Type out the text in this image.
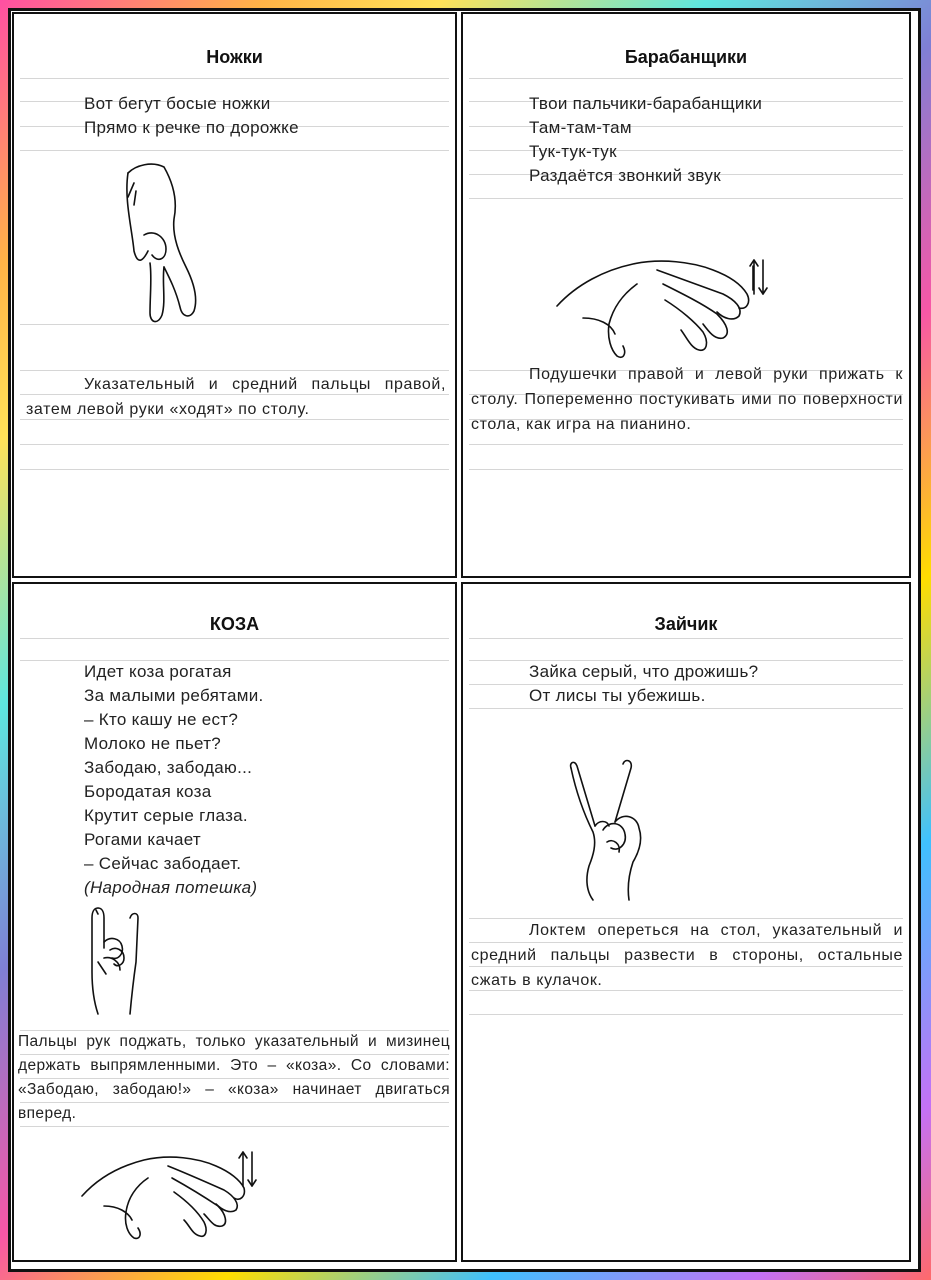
Ножки
Вот бегут босые ножки
Прямо к речке по дорожке
Указательный и средний пальцы правой, затем левой руки «ходят» по столу.
Барабанщики
Твои пальчики-барабанщики
Там-там-там
Тук-тук-тук
Раздаётся звонкий звук
Подушечки правой и левой руки прижать к столу. Попеременно постукивать ими по поверхности стола, как игра на пианино.
КОЗА
Идет коза рогатая
За малыми ребятами.
– Кто кашу не ест?
Молоко не пьет?
Забодаю, забодаю...
Бородатая коза
Крутит серые глаза.
Рогами качает
– Сейчас забодает.
(Народная потешка)
Пальцы рук поджать, только указательный и мизинец держать выпрямленными. Это – «коза». Со словами: «Забодаю, забодаю!» – «коза» начинает двигаться вперед.
Зайчик
Зайка серый, что дрожишь?
От лисы ты убежишь.
Локтем опереться на стол, указательный и средний пальцы развести в стороны, остальные сжать в кулачок.
